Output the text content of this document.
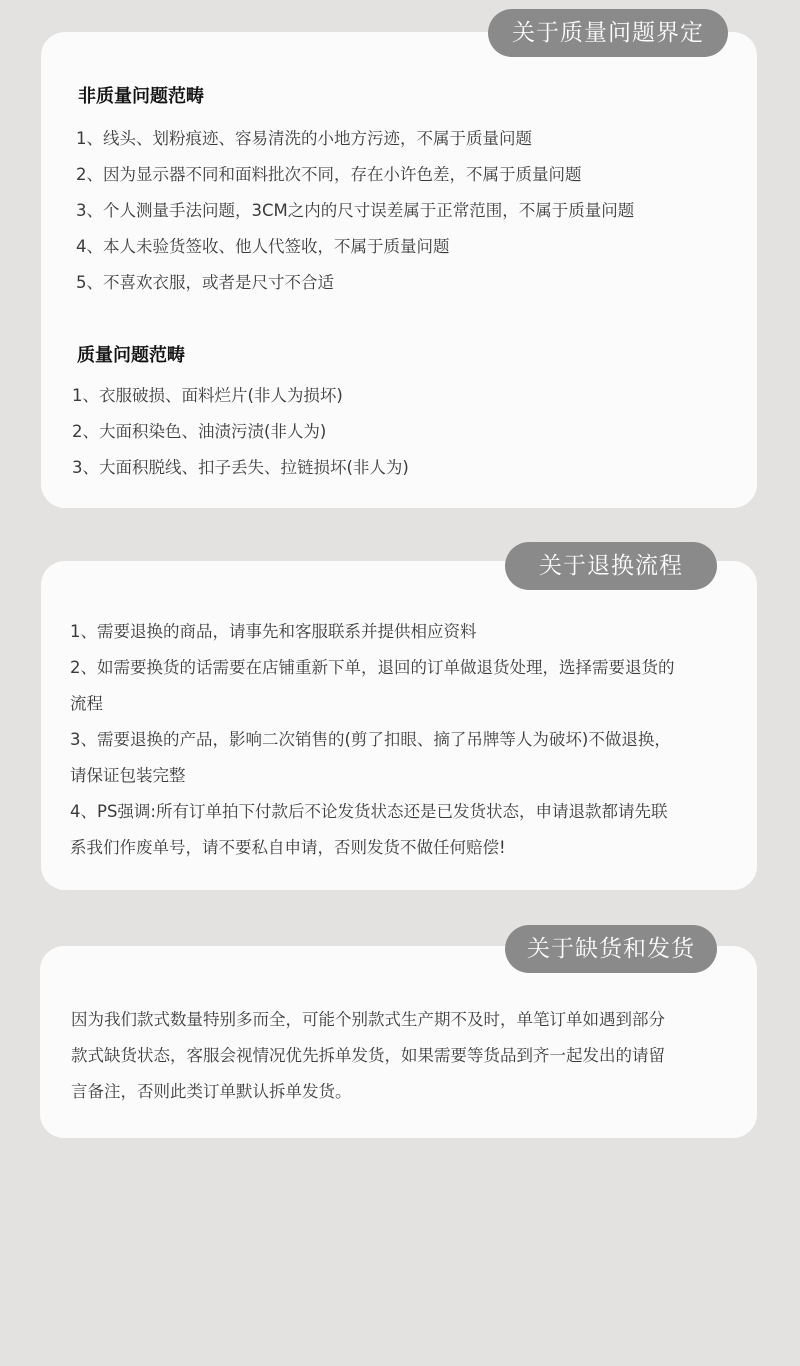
关于质量问题界定
非质量问题范畴
1、线头、划粉痕迹、容易清洗的小地方污迹，不属于质量问题
2、因为显示器不同和面料批次不同，存在小许色差，不属于质量问题
3、个人测量手法问题，3CM之内的尺寸误差属于正常范围，不属于质量问题
4、本人未验货签收、他人代签收，不属于质量问题
5、不喜欢衣服，或者是尺寸不合适
质量问题范畴
1、衣服破损、面料烂片(非人为损坏)
2、大面积染色、油渍污渍(非人为)
3、大面积脱线、扣子丢失、拉链损坏(非人为)
关于退换流程
1、需要退换的商品，请事先和客服联系并提供相应资料
2、如需要换货的话需要在店铺重新下单，退回的订单做退货处理，选择需要退货的
流程
3、需要退换的产品，影响二次销售的(剪了扣眼、摘了吊牌等人为破坏)不做退换，
请保证包装完整
4、PS强调:所有订单拍下付款后不论发货状态还是已发货状态，申请退款都请先联
系我们作废单号，请不要私自申请，否则发货不做任何赔偿!
关于缺货和发货
因为我们款式数量特别多而全，可能个别款式生产期不及时，单笔订单如遇到部分
款式缺货状态，客服会视情况优先拆单发货，如果需要等货品到齐一起发出的请留
言备注，否则此类订单默认拆单发货。
